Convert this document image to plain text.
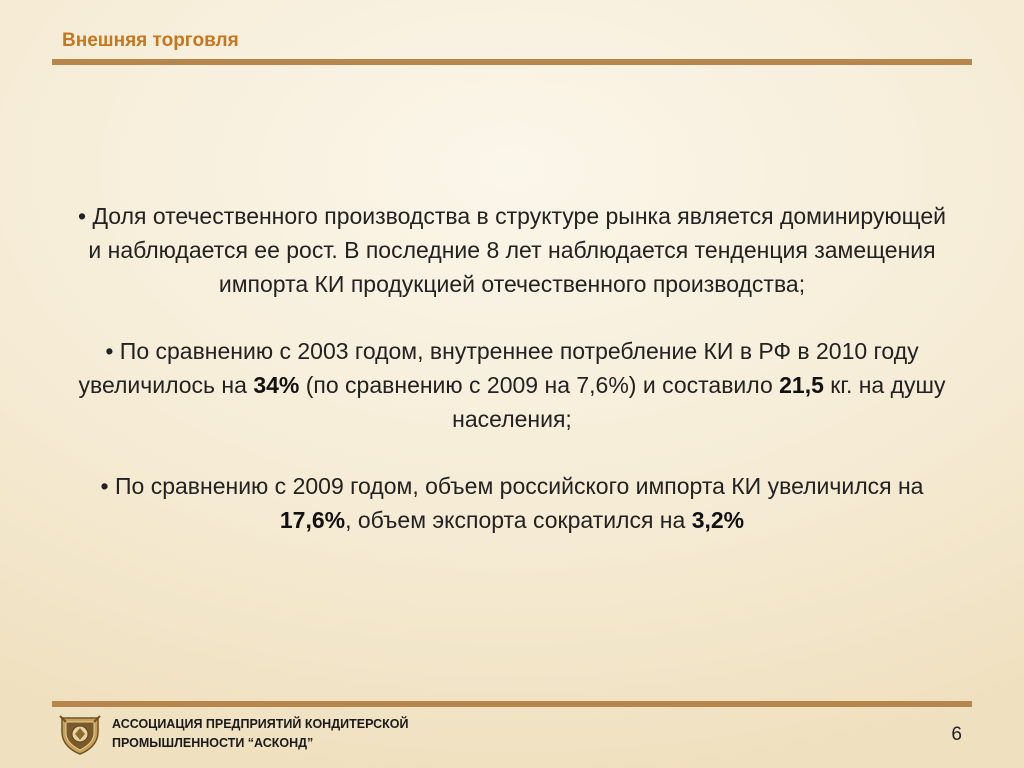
Внешняя торговля

• Доля отечественного производства в структуре рынка является доминирующей и наблюдается ее рост. В последние 8 лет наблюдается тенденция замещения импорта КИ продукцией отечественного производства;

• По сравнению с 2003 годом, внутреннее потребление КИ в РФ в 2010 году увеличилось на 34% (по сравнению с 2009 на 7,6%) и составило 21,5 кг. на душу населения;

• По сравнению с 2009 годом, объем российского импорта КИ увеличился на 17,6%, объем экспорта сократился на 3,2%

АССОЦИАЦИЯ ПРЕДПРИЯТИЙ КОНДИТЕРСКОЙ
ПРОМЫШЛЕННОСТИ “АСКОНД”	6
